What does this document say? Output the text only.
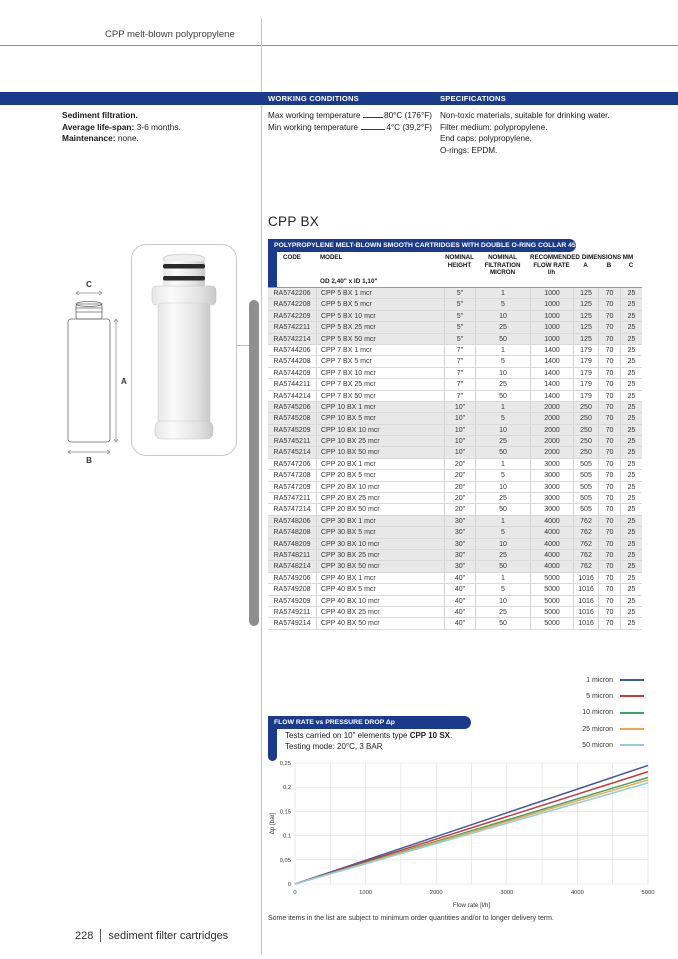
CPP melt-blown polypropylene
WORKING CONDITIONS	SPECIFICATIONS
Sediment filtration.
Average life-span: 3-6 months.
Maintenance: none.
Max working temperature	80°C (176°F)
Min working temperature	4°C (39,2°F)
Non-toxic materials, suitable for drinking water.
Filter medium: polypropylene.
End caps: polypropylene.
O-rings: EPDM.
C
A
B
CPP BX
POLYPROPYLENE MELT-BLOWN SMOOTH CARTRIDGES WITH DOUBLE O-RING COLLAR 45 MM
CODE	MODEL	NOMINAL HEIGHT
NOMINAL FILTRATION MICRON
RECOMMENDED FLOW RATE l/h
DIMENSIONS MM
A	B	C
OD 2,40" x ID 1,10"
RA5742206	CPP 5 BX 1 mcr	5"	1	1000	125	70	25
RA5742208	CPP 5 BX 5 mcr	5"	5	1000	125	70	25
RA5742209	CPP 5 BX 10 mcr	5"	10	1000	125	70	25
RA5742211	CPP 5 BX 25 mcr	5"	25	1000	125	70	25
RA5742214	CPP 5 BX 50 mcr	5"	50	1000	125	70	25
RA5744206	CPP 7 BX 1 mcr	7"	1	1400	179	70	25
RA5744208	CPP 7 BX 5 mcr	7"	5	1400	179	70	25
RA5744209	CPP 7 BX 10 mcr	7"	10	1400	179	70	25
RA5744211	CPP 7 BX 25 mcr	7"	25	1400	179	70	25
RA5744214	CPP 7 BX 50 mcr	7"	50	1400	179	70	25
RA5745206	CPP 10 BX 1 mcr	10"	1	2000	250	70	25
RA5745208	CPP 10 BX 5 mcr	10"	5	2000	250	70	25
RA5745209	CPP 10 BX 10 mcr	10"	10	2000	250	70	25
RA5745211	CPP 10 BX 25 mcr	10"	25	2000	250	70	25
RA5745214	CPP 10 BX 50 mcr	10"	50	2000	250	70	25
RA5747206	CPP 20 BX 1 mcr	20"	1	3000	505	70	25
RA5747208	CPP 20 BX 5 mcr	20"	5	3000	505	70	25
RA5747209	CPP 20 BX 10 mcr	20"	10	3000	505	70	25
RA5747211	CPP 20 BX 25 mcr	20"	25	3000	505	70	25
RA5747214	CPP 20 BX 50 mcr	20"	50	3000	505	70	25
RA5748206	CPP 30 BX 1 mcr	30"	1	4000	762	70	25
RA5748208	CPP 30 BX 5 mcr	30"	5	4000	762	70	25
RA5748209	CPP 30 BX 10 mcr	30"	10	4000	762	70	25
RA5748211	CPP 30 BX 25 mcr	30"	25	4000	762	70	25
RA5748214	CPP 30 BX 50 mcr	30"	50	4000	762	70	25
RA5749206	CPP 40 BX 1 mcr	40"	1	5000	1016	70	25
RA5749208	CPP 40 BX 5 mcr	40"	5	5000	1016	70	25
RA5749209	CPP 40 BX 10 mcr	40"	10	5000	1016	70	25
RA5749211	CPP 40 BX 25 mcr	40"	25	5000	1016	70	25
RA5749214	CPP 40 BX 50 mcr	40"	50	5000	1016	70	25
1 micron
5 micron
10 micron
25 micron
50 micron
FLOW RATE vs PRESSURE DROP Δp
Tests carried on 10" elements type CPP 10 SX.
Testing mode: 20°C, 3 BAR
0	1000	2000	3000	4000	5000
0
0,05
0,1
0,15
0,2
0,25
Flow rate [l/h]
Δp [bar]
Some items in the list are subject to minimum order quantities and/or to longer delivery term.
228 sediment filter cartridges
